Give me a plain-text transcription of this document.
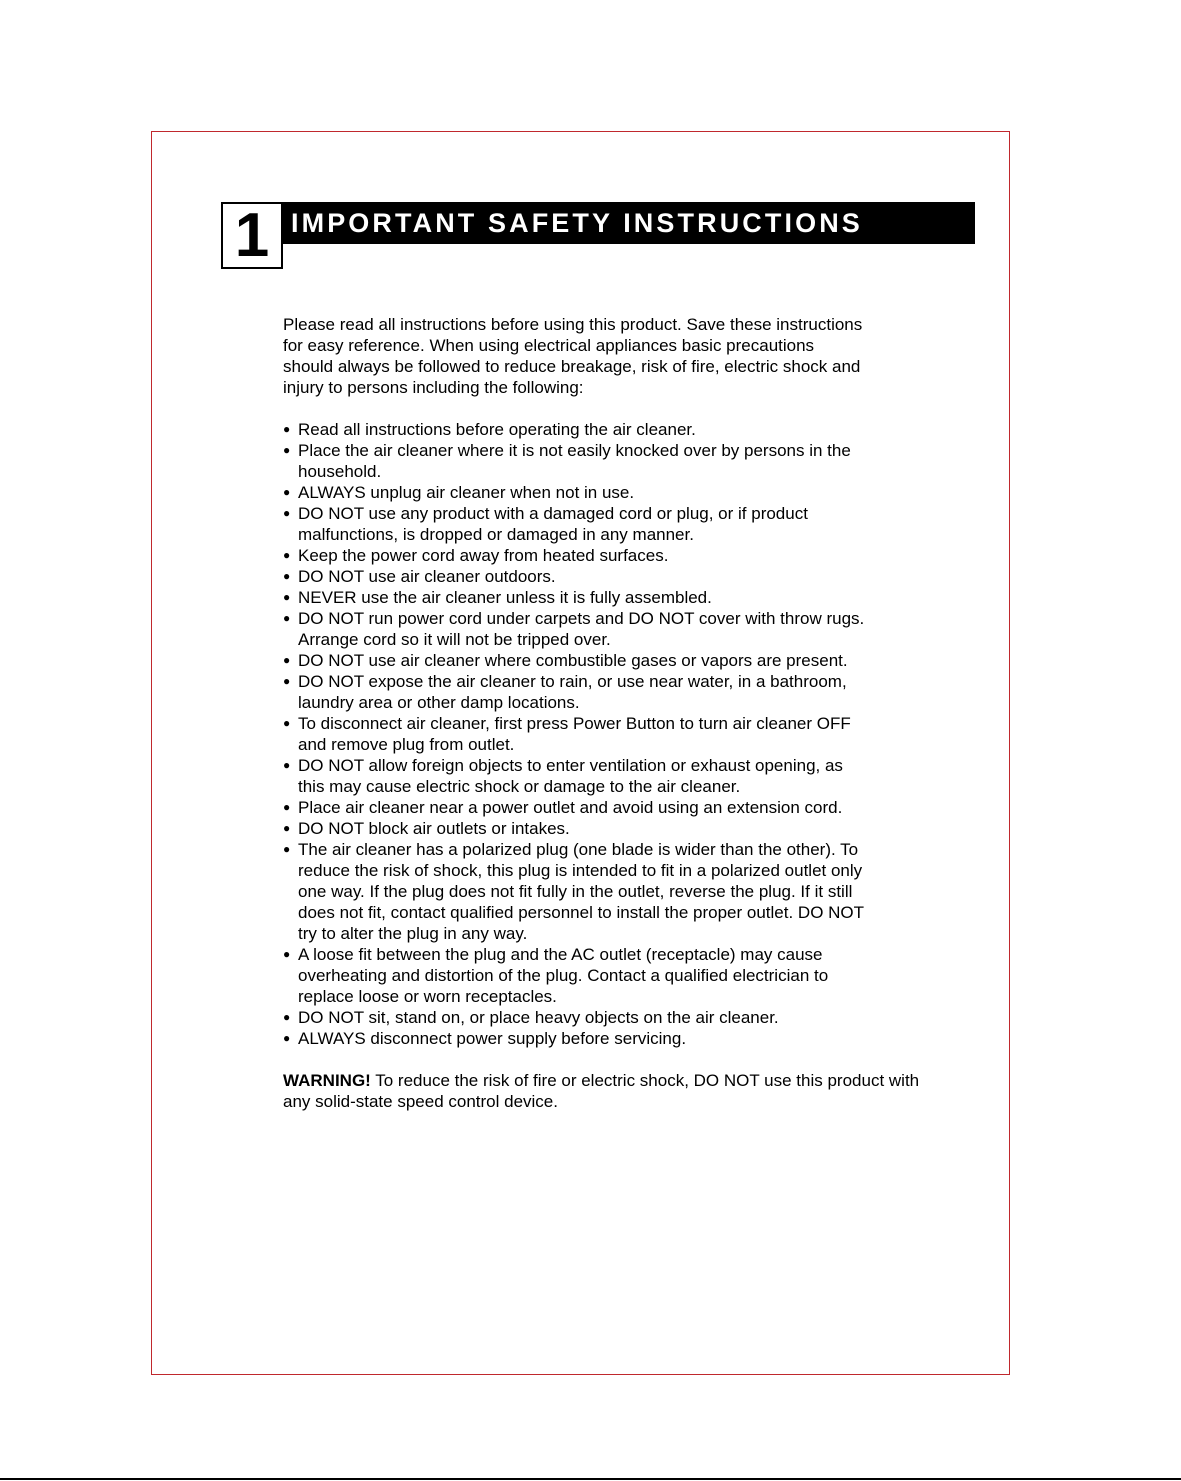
1 IMPORTANT SAFETY INSTRUCTIONS

Please read all instructions before using this product. Save these instructions

for easy reference. When using electrical appliances basic precautions

should always be followed to reduce breakage, risk of fire, electric shock and

injury to persons including the following:

● Read all instructions before operating the air cleaner.
● Place the air cleaner where it is not easily knocked over by persons in the
household.
● ALWAYS unplug air cleaner when not in use.
● DO NOT use any product with a damaged cord or plug, or if product
malfunctions, is dropped or damaged in any manner.
● Keep the power cord away from heated surfaces.
● DO NOT use air cleaner outdoors.
● NEVER use the air cleaner unless it is fully assembled.
● DO NOT run power cord under carpets and DO NOT cover with throw rugs.
Arrange cord so it will not be tripped over.
● DO NOT use air cleaner where combustible gases or vapors are present.
● DO NOT expose the air cleaner to rain, or use near water, in a bathroom,
laundry area or other damp locations.
● To disconnect air cleaner, first press Power Button to turn air cleaner OFF
and remove plug from outlet.
● DO NOT allow foreign objects to enter ventilation or exhaust opening, as
this may cause electric shock or damage to the air cleaner.
● Place air cleaner near a power outlet and avoid using an extension cord.
● DO NOT block air outlets or intakes.
● The air cleaner has a polarized plug (one blade is wider than the other). To
reduce the risk of shock, this plug is intended to fit in a polarized outlet only
one way. If the plug does not fit fully in the outlet, reverse the plug. If it still
does not fit, contact qualified personnel to install the proper outlet. DO NOT
try to alter the plug in any way.
● A loose fit between the plug and the AC outlet (receptacle) may cause
overheating and distortion of the plug. Contact a qualified electrician to
replace loose or worn receptacles.
● DO NOT sit, stand on, or place heavy objects on the air cleaner.
● ALWAYS disconnect power supply before servicing.

WARNING! To reduce the risk of fire or electric shock, DO NOT use this product with any solid-state speed control device.
